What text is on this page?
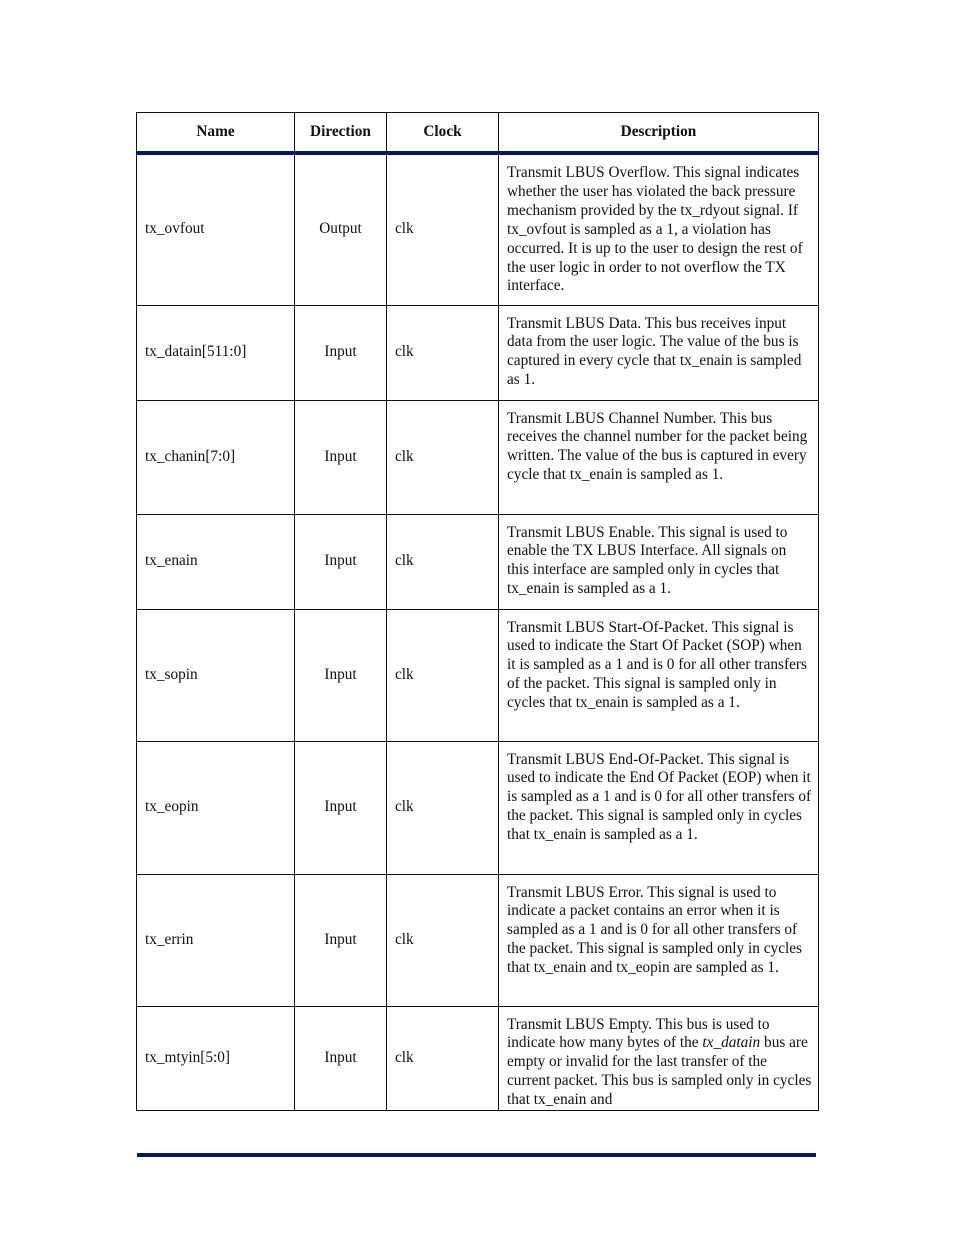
Name	Direction	Clock	Description
tx_ovfout	Output	clk	Transmit LBUS Overflow. This signal indicates whether the user has violated the back pressure mechanism provided by the tx_rdyout signal. If tx_ovfout is sampled as a 1, a violation has occurred. It is up to the user to design the rest of the user logic in order to not overflow the TX interface.
tx_datain[511:0]	Input	clk	Transmit LBUS Data. This bus receives input data from the user logic. The value of the bus is captured in every cycle that tx_enain is sampled as 1.
tx_chanin[7:0]	Input	clk	Transmit LBUS Channel Number. This bus receives the channel number for the packet being written. The value of the bus is captured in every cycle that tx_enain is sampled as 1.
tx_enain	Input	clk	Transmit LBUS Enable. This signal is used to enable the TX LBUS Interface. All signals on this interface are sampled only in cycles that tx_enain is sampled as a 1.
tx_sopin	Input	clk	Transmit LBUS Start-Of-Packet. This signal is used to indicate the Start Of Packet (SOP) when it is sampled as a 1 and is 0 for all other transfers of the packet. This signal is sampled only in cycles that tx_enain is sampled as a 1.
tx_eopin	Input	clk	Transmit LBUS End-Of-Packet. This signal is used to indicate the End Of Packet (EOP) when it is sampled as a 1 and is 0 for all other transfers of the packet. This signal is sampled only in cycles that tx_enain is sampled as a 1.
tx_errin	Input	clk	Transmit LBUS Error. This signal is used to indicate a packet contains an error when it is sampled as a 1 and is 0 for all other transfers of the packet. This signal is sampled only in cycles that tx_enain and tx_eopin are sampled as 1.
tx_mtyin[5:0]	Input	clk	Transmit LBUS Empty. This bus is used to indicate how many bytes of the tx_datain bus are empty or invalid for the last transfer of the current packet. This bus is sampled only in cycles that tx_enain and
